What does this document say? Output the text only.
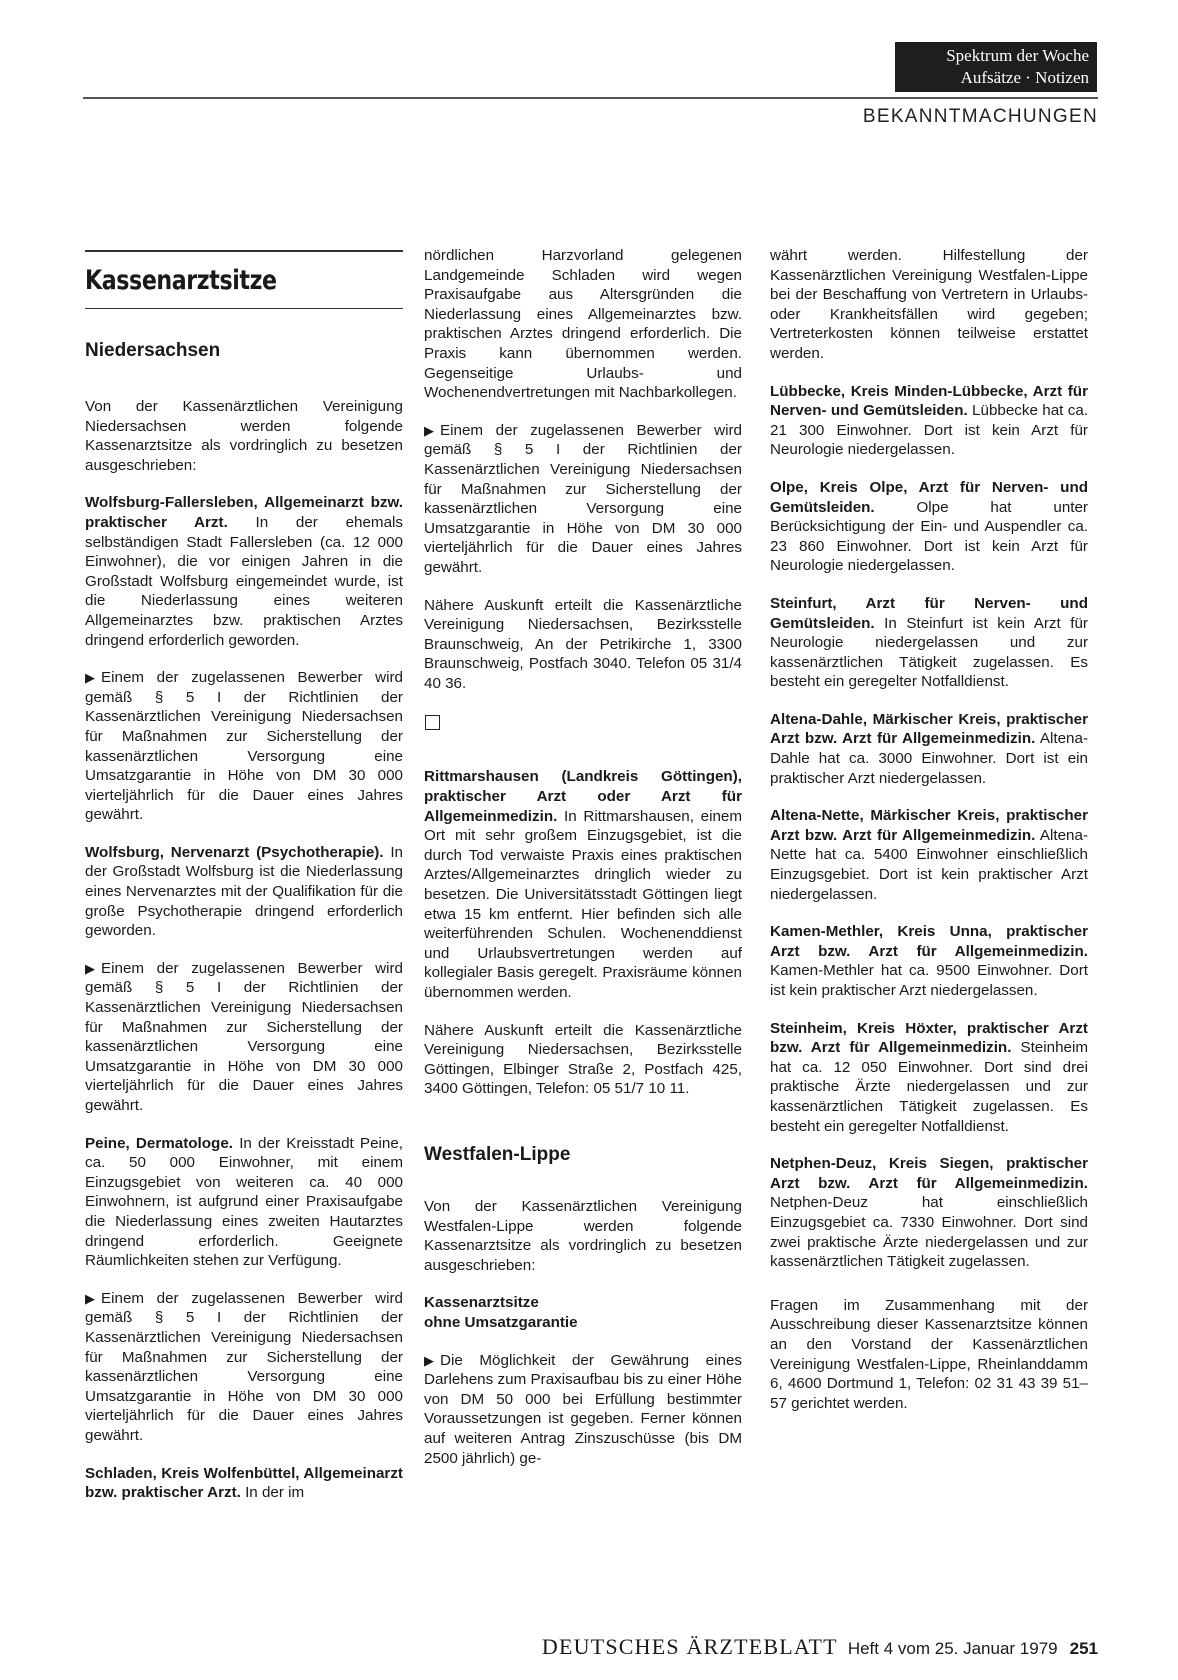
Spektrum der Woche
Aufsätze · Notizen
BEKANNTMACHUNGEN
Kassenarztsitze
Niedersachsen

Von der Kassenärztlichen Vereinigung Niedersachsen werden folgende Kassenarztsitze als vordringlich zu besetzen ausgeschrieben:

Wolfsburg-Fallersleben, Allgemeinarzt bzw. praktischer Arzt. In der ehemals selbständigen Stadt Fallersleben (ca. 12 000 Einwohner), die vor einigen Jahren in die Großstadt Wolfsburg eingemeindet wurde, ist die Niederlassung eines weiteren Allgemeinarztes bzw. praktischen Arztes dringend erforderlich geworden.

▶ Einem der zugelassenen Bewerber wird gemäß § 5 I der Richtlinien der Kassenärztlichen Vereinigung Niedersachsen für Maßnahmen zur Sicherstellung der kassenärztlichen Versorgung eine Umsatzgarantie in Höhe von DM 30 000 vierteljährlich für die Dauer eines Jahres gewährt.

Wolfsburg, Nervenarzt (Psychotherapie). In der Großstadt Wolfsburg ist die Niederlassung eines Nervenarztes mit der Qualifikation für die große Psychotherapie dringend erforderlich geworden.

▶ Einem der zugelassenen Bewerber wird gemäß § 5 I der Richtlinien der Kassenärztlichen Vereinigung Niedersachsen für Maßnahmen zur Sicherstellung der kassenärztlichen Versorgung eine Umsatzgarantie in Höhe von DM 30 000 vierteljährlich für die Dauer eines Jahres gewährt.

Peine, Dermatologe. In der Kreisstadt Peine, ca. 50 000 Einwohner, mit einem Einzugsgebiet von weiteren ca. 40 000 Einwohnern, ist aufgrund einer Praxisaufgabe die Niederlassung eines zweiten Hautarztes dringend erforderlich. Geeignete Räumlichkeiten stehen zur Verfügung.

▶ Einem der zugelassenen Bewerber wird gemäß § 5 I der Richtlinien der Kassenärztlichen Vereinigung Niedersachsen für Maßnahmen zur Sicherstellung der kassenärztlichen Versorgung eine Umsatzgarantie in Höhe von DM 30 000 vierteljährlich für die Dauer eines Jahres gewährt.

Schladen, Kreis Wolfenbüttel, Allgemeinarzt bzw. praktischer Arzt. In der im

nördlichen Harzvorland gelegenen Landgemeinde Schladen wird wegen Praxisaufgabe aus Altersgründen die Niederlassung eines Allgemeinarztes bzw. praktischen Arztes dringend erforderlich. Die Praxis kann übernommen werden. Gegenseitige Urlaubs- und Wochenendvertretungen mit Nachbarkollegen.

▶ Einem der zugelassenen Bewerber wird gemäß § 5 I der Richtlinien der Kassenärztlichen Vereinigung Niedersachsen für Maßnahmen zur Sicherstellung der kassenärztlichen Versorgung eine Umsatzgarantie in Höhe von DM 30 000 vierteljährlich für die Dauer eines Jahres gewährt.

Nähere Auskunft erteilt die Kassenärztliche Vereinigung Niedersachsen, Bezirksstelle Braunschweig, An der Petrikirche 1, 3300 Braunschweig, Postfach 3040. Telefon 05 31/4 40 36.

Rittmarshausen (Landkreis Göttingen), praktischer Arzt oder Arzt für Allgemeinmedizin. In Rittmarshausen, einem Ort mit sehr großem Einzugsgebiet, ist die durch Tod verwaiste Praxis eines praktischen Arztes/Allgemeinarztes dringlich wieder zu besetzen. Die Universitätsstadt Göttingen liegt etwa 15 km entfernt. Hier befinden sich alle weiterführenden Schulen. Wochenenddienst und Urlaubsvertretungen werden auf kollegialer Basis geregelt. Praxisräume können übernommen werden.

Nähere Auskunft erteilt die Kassenärztliche Vereinigung Niedersachsen, Bezirksstelle Göttingen, Elbinger Straße 2, Postfach 425, 3400 Göttingen, Telefon: 05 51/7 10 11.

Westfalen-Lippe

Von der Kassenärztlichen Vereinigung Westfalen-Lippe werden folgende Kassenarztsitze als vordringlich zu besetzen ausgeschrieben:

Kassenarztsitze
ohne Umsatzgarantie

▶ Die Möglichkeit der Gewährung eines Darlehens zum Praxisaufbau bis zu einer Höhe von DM 50 000 bei Erfüllung bestimmter Voraussetzungen ist gegeben. Ferner können auf weiteren Antrag Zinszuschüsse (bis DM 2500 jährlich) ge-

währt werden. Hilfestellung der Kassenärztlichen Vereinigung Westfalen-Lippe bei der Beschaffung von Vertretern in Urlaubs- oder Krankheitsfällen wird gegeben; Vertreterkosten können teilweise erstattet werden.

Lübbecke, Kreis Minden-Lübbecke, Arzt für Nerven- und Gemütsleiden. Lübbecke hat ca. 21 300 Einwohner. Dort ist kein Arzt für Neurologie niedergelassen.

Olpe, Kreis Olpe, Arzt für Nerven- und Gemütsleiden. Olpe hat unter Berücksichtigung der Ein- und Auspendler ca. 23 860 Einwohner. Dort ist kein Arzt für Neurologie niedergelassen.

Steinfurt, Arzt für Nerven- und Gemütsleiden. In Steinfurt ist kein Arzt für Neurologie niedergelassen und zur kassenärztlichen Tätigkeit zugelassen. Es besteht ein geregelter Notfalldienst.

Altena-Dahle, Märkischer Kreis, praktischer Arzt bzw. Arzt für Allgemeinmedizin. Altena-Dahle hat ca. 3000 Einwohner. Dort ist ein praktischer Arzt niedergelassen.

Altena-Nette, Märkischer Kreis, praktischer Arzt bzw. Arzt für Allgemeinmedizin. Altena-Nette hat ca. 5400 Einwohner einschließlich Einzugsgebiet. Dort ist kein praktischer Arzt niedergelassen.

Kamen-Methler, Kreis Unna, praktischer Arzt bzw. Arzt für Allgemeinmedizin. Kamen-Methler hat ca. 9500 Einwohner. Dort ist kein praktischer Arzt niedergelassen.

Steinheim, Kreis Höxter, praktischer Arzt bzw. Arzt für Allgemeinmedizin. Steinheim hat ca. 12 050 Einwohner. Dort sind drei praktische Ärzte niedergelassen und zur kassenärztlichen Tätigkeit zugelassen. Es besteht ein geregelter Notfalldienst.

Netphen-Deuz, Kreis Siegen, praktischer Arzt bzw. Arzt für Allgemeinmedizin. Netphen-Deuz hat einschließlich Einzugsgebiet ca. 7330 Einwohner. Dort sind zwei praktische Ärzte niedergelassen und zur kassenärztlichen Tätigkeit zugelassen.

Fragen im Zusammenhang mit der Ausschreibung dieser Kassenarztsitze können an den Vorstand der Kassenärztlichen Vereinigung Westfalen-Lippe, Rheinlanddamm 6, 4600 Dortmund 1, Telefon: 02 31 43 39 51–57 gerichtet werden.

DEUTSCHES ÄRZTEBLATT Heft 4 vom 25. Januar 1979 251
